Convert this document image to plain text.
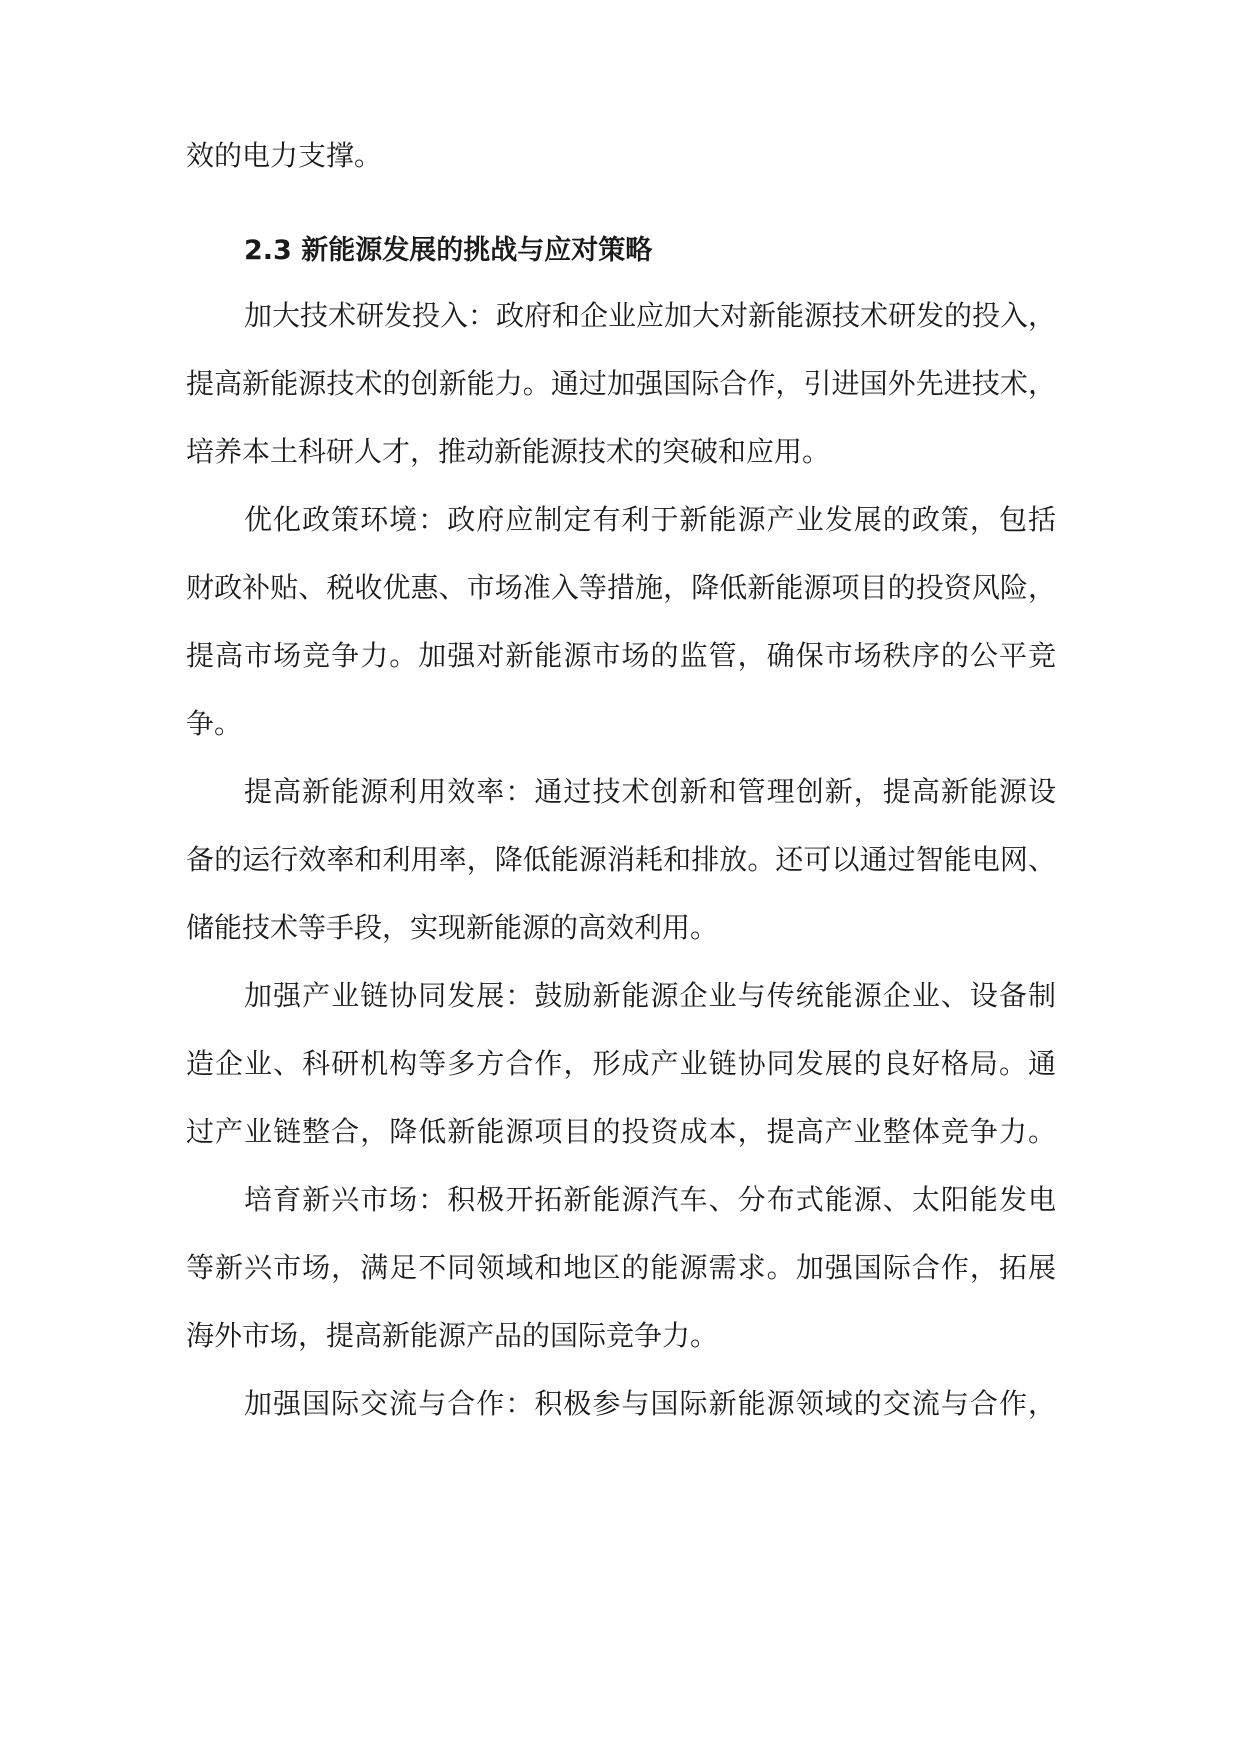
效的电力支撑。
2.3 新能源发展的挑战与应对策略
加大技术研发投入：政府和企业应加大对新能源技术研发的投入，
提高新能源技术的创新能力。通过加强国际合作，引进国外先进技术，
培养本土科研人才，推动新能源技术的突破和应用。
优化政策环境：政府应制定有利于新能源产业发展的政策，包括
财政补贴、税收优惠、市场准入等措施，降低新能源项目的投资风险，
提高市场竞争力。加强对新能源市场的监管，确保市场秩序的公平竞
争。
提高新能源利用效率：通过技术创新和管理创新，提高新能源设
备的运行效率和利用率，降低能源消耗和排放。还可以通过智能电网、
储能技术等手段，实现新能源的高效利用。
加强产业链协同发展：鼓励新能源企业与传统能源企业、设备制
造企业、科研机构等多方合作，形成产业链协同发展的良好格局。通
过产业链整合，降低新能源项目的投资成本，提高产业整体竞争力。
培育新兴市场：积极开拓新能源汽车、分布式能源、太阳能发电
等新兴市场，满足不同领域和地区的能源需求。加强国际合作，拓展
海外市场，提高新能源产品的国际竞争力。
加强国际交流与合作：积极参与国际新能源领域的交流与合作，
